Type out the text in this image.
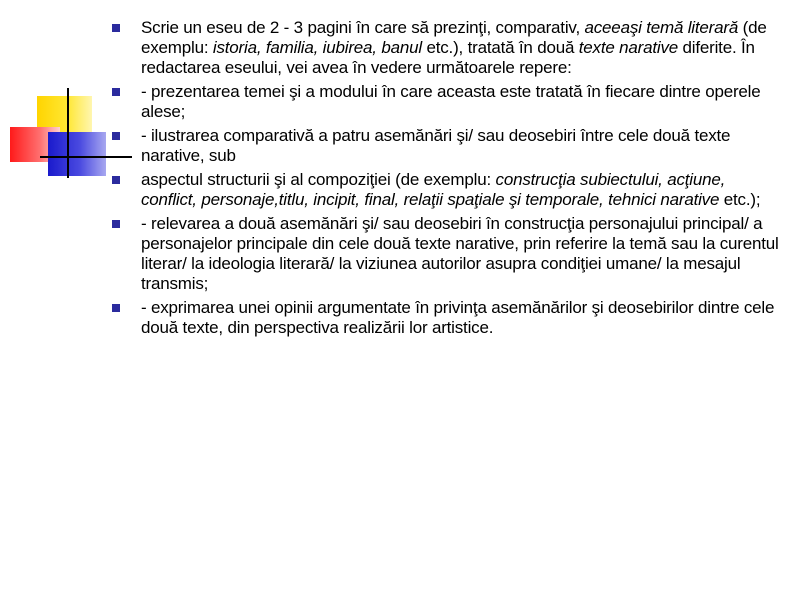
Scrie un eseu de 2 - 3 pagini în care să prezinţi, comparativ, aceeaşi temă literară (de exemplu: istoria, familia, iubirea, banul etc.), tratată în două texte narative diferite. În redactarea eseului, vei avea în vedere următoarele repere:
- prezentarea temei şi a modului în care aceasta este tratată în fiecare dintre operele alese;
- ilustrarea comparativă a patru asemănări şi/ sau deosebiri între cele două texte narative, sub
aspectul structurii şi al compoziţiei (de exemplu: construcţia subiectului, acţiune, conflict, personaje,titlu, incipit, final, relaţii spaţiale şi temporale, tehnici narative etc.);
- relevarea a două asemănări şi/ sau deosebiri în construcţia personajului principal/ a personajelor principale din cele două texte narative, prin referire la temă sau la curentul literar/ la ideologia literară/ la viziunea autorilor asupra condiţiei umane/ la mesajul transmis;
- exprimarea unei opinii argumentate în privinţa asemănărilor şi deosebirilor dintre cele două texte, din perspectiva realizării lor artistice.
